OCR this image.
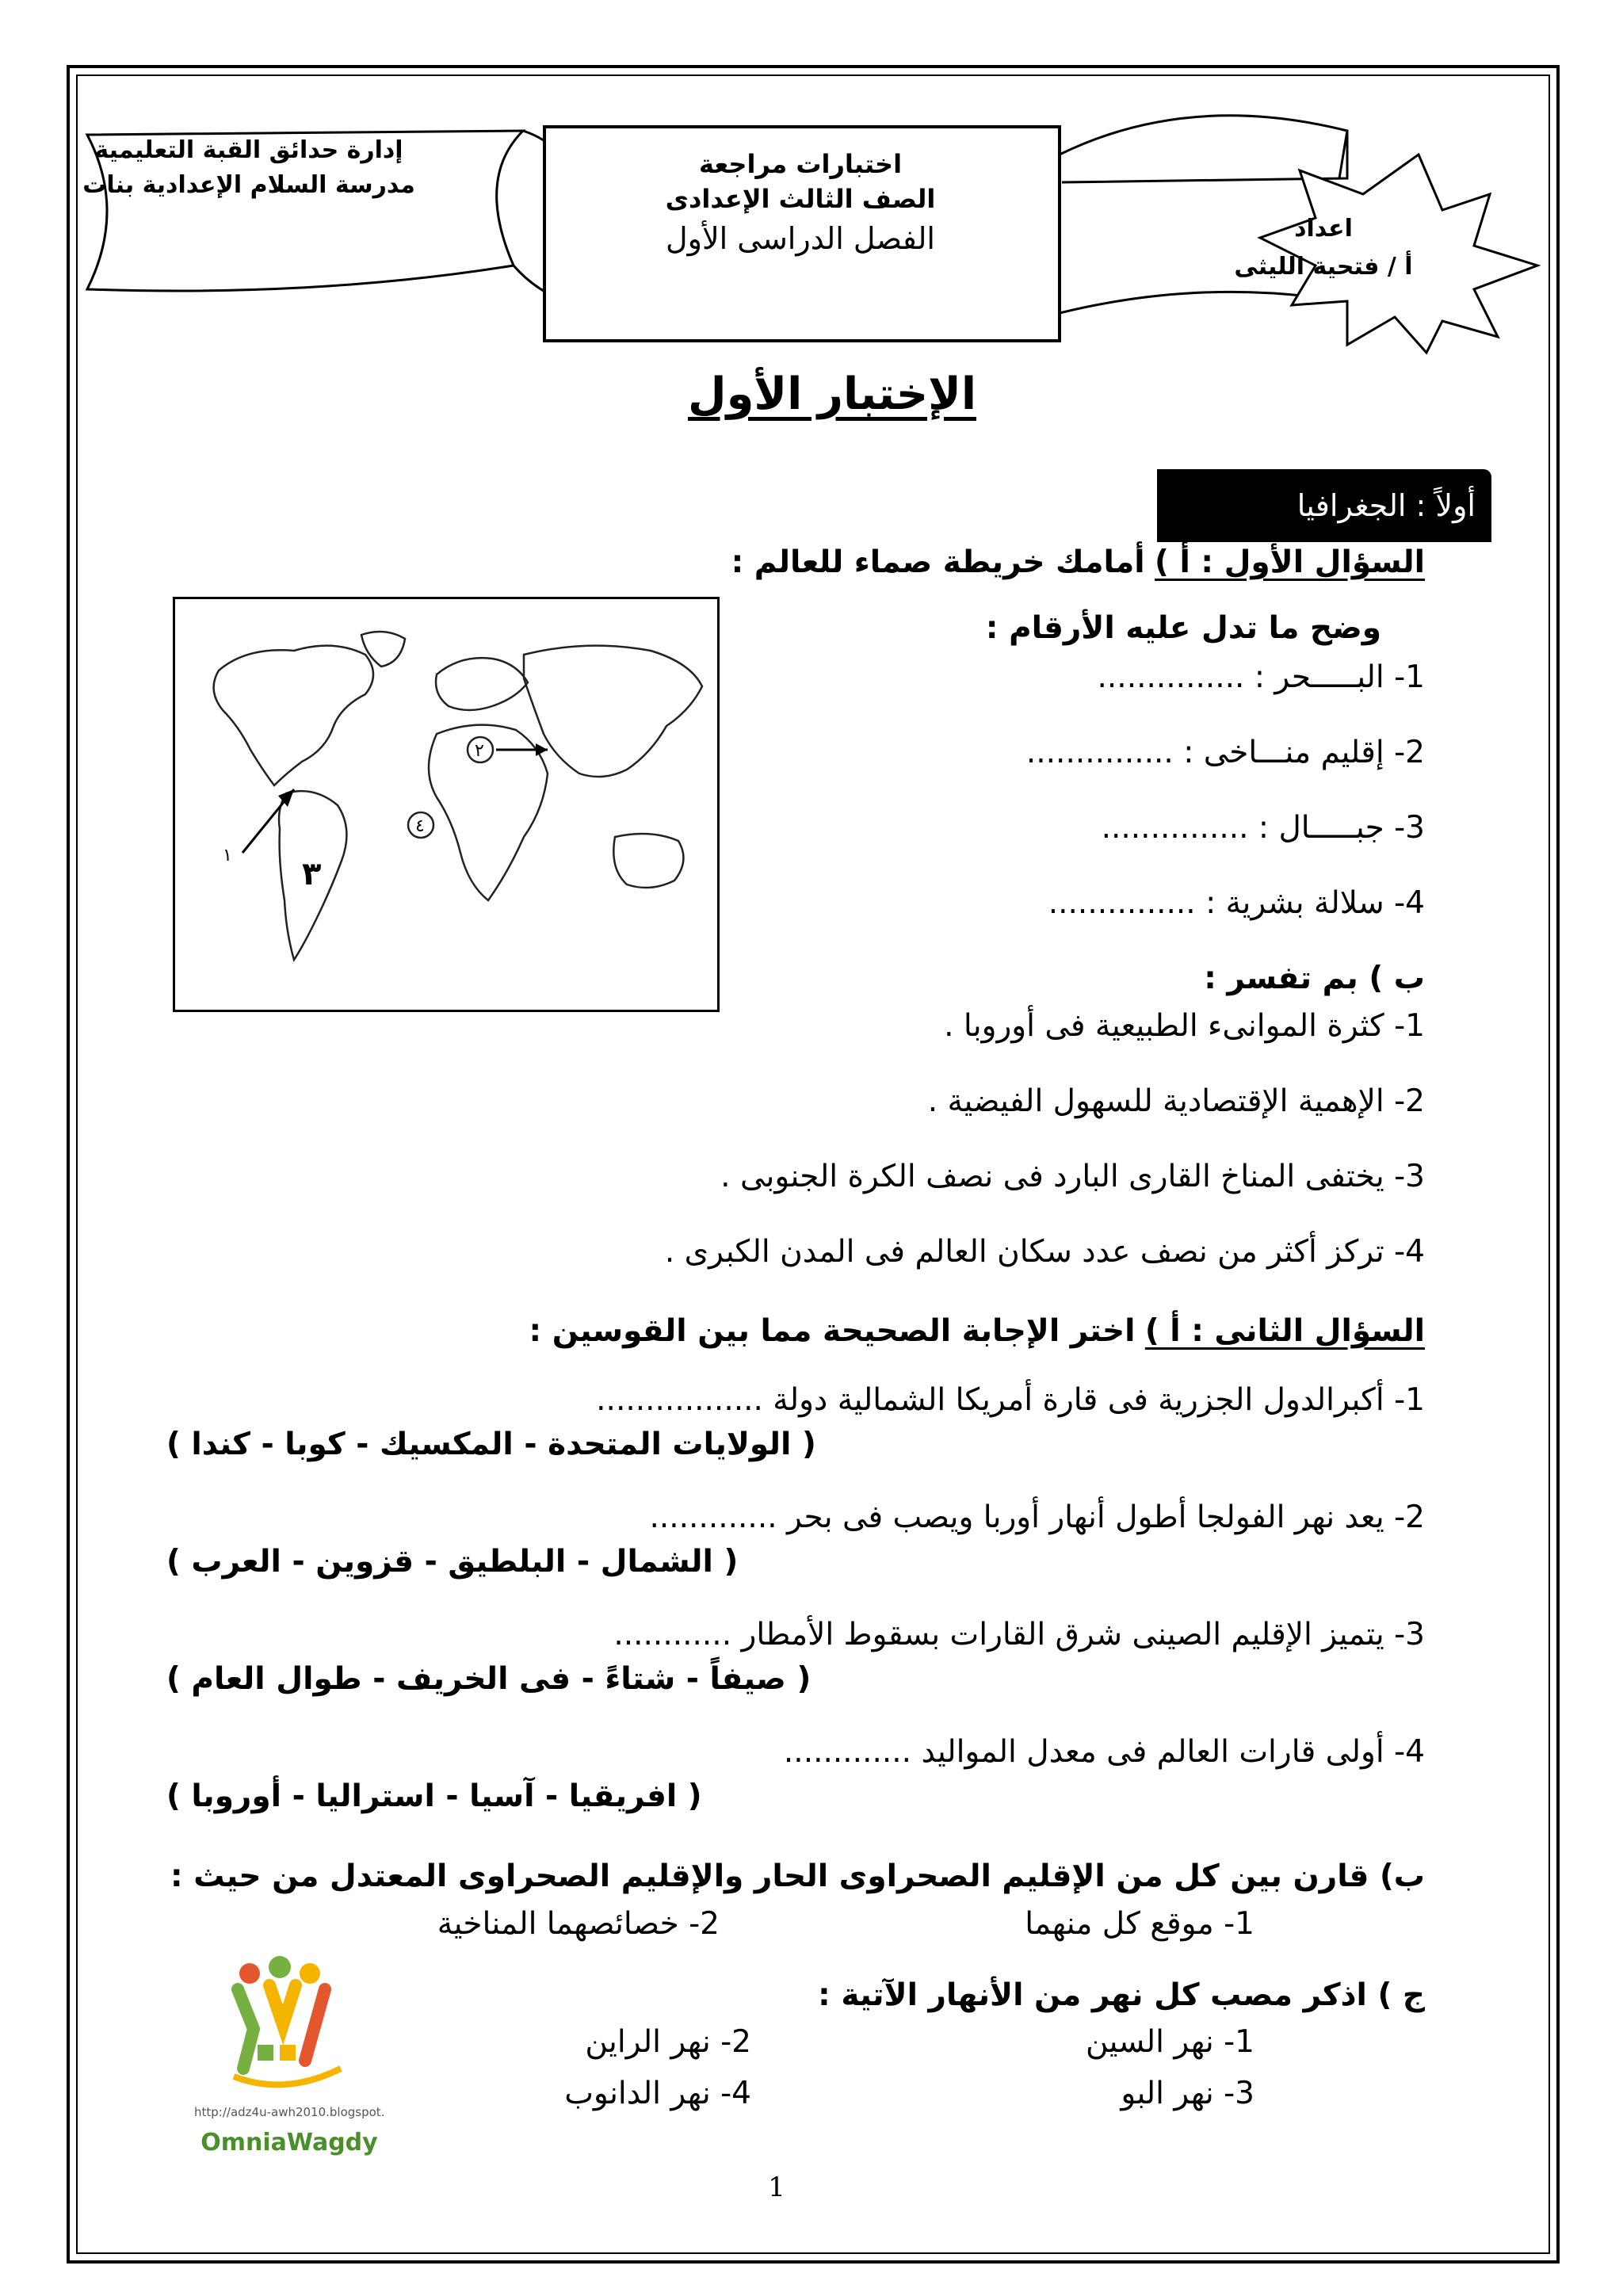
إدارة حدائق القبة التعليمية
مدرسة السلام الإعدادية بنات
اختبارات مراجعة
الصف الثالث الإعدادى
الفصل الدراسى الأول	اعداد
أ / فتحية الليثى
الإختبار الأول
أولاً : الجغرافيا
السؤال الأول : أ ) أمامك خريطة صماء للعالم :
وضح ما تدل عليه الأرقام :
1- البـــــحر : ...............
2- إقليم منـــاخى : ...............
3- جبـــــال : ...............
4- سلالة بشرية : ...............
٢
٤
٣
١
ب ) بم تفسر :
1- كثرة الموانىء الطبيعية فى أوروبا .
2- الإهمية الإقتصادية للسهول الفيضية .
3- يختفى المناخ القارى البارد فى نصف الكرة الجنوبى .
4- تركز أكثر من نصف عدد سكان العالم فى المدن الكبرى .
السؤال الثانى : أ ) اختر الإجابة الصحيحة مما بين القوسين :
1- أكبرالدول الجزرية فى قارة أمريكا الشمالية دولة .................
( الولايات المتحدة - المكسيك - كوبا - كندا )
2- يعد نهر الفولجا أطول أنهار أوربا ويصب فى بحر .............
( الشمال - البلطيق - قزوين - العرب )
3- يتميز الإقليم الصينى شرق القارات بسقوط الأمطار ............
( صيفاً - شتاءً - فى الخريف - طوال العام )
4- أولى قارات العالم فى معدل المواليد .............
( افريقيا - آسيا - استراليا - أوروبا )
ب) قارن بين كل من الإقليم الصحراوى الحار والإقليم الصحراوى المعتدل من حيث :
1- موقع كل منهما
2- خصائصهما المناخية
ج ) اذكر مصب كل نهر من الأنهار الآتية :
1- نهر السين
2- نهر الراين
3- نهر البو
4- نهر الدانوب
http://adz4u-awh2010.blogspot.
OmniaWagdy
1
